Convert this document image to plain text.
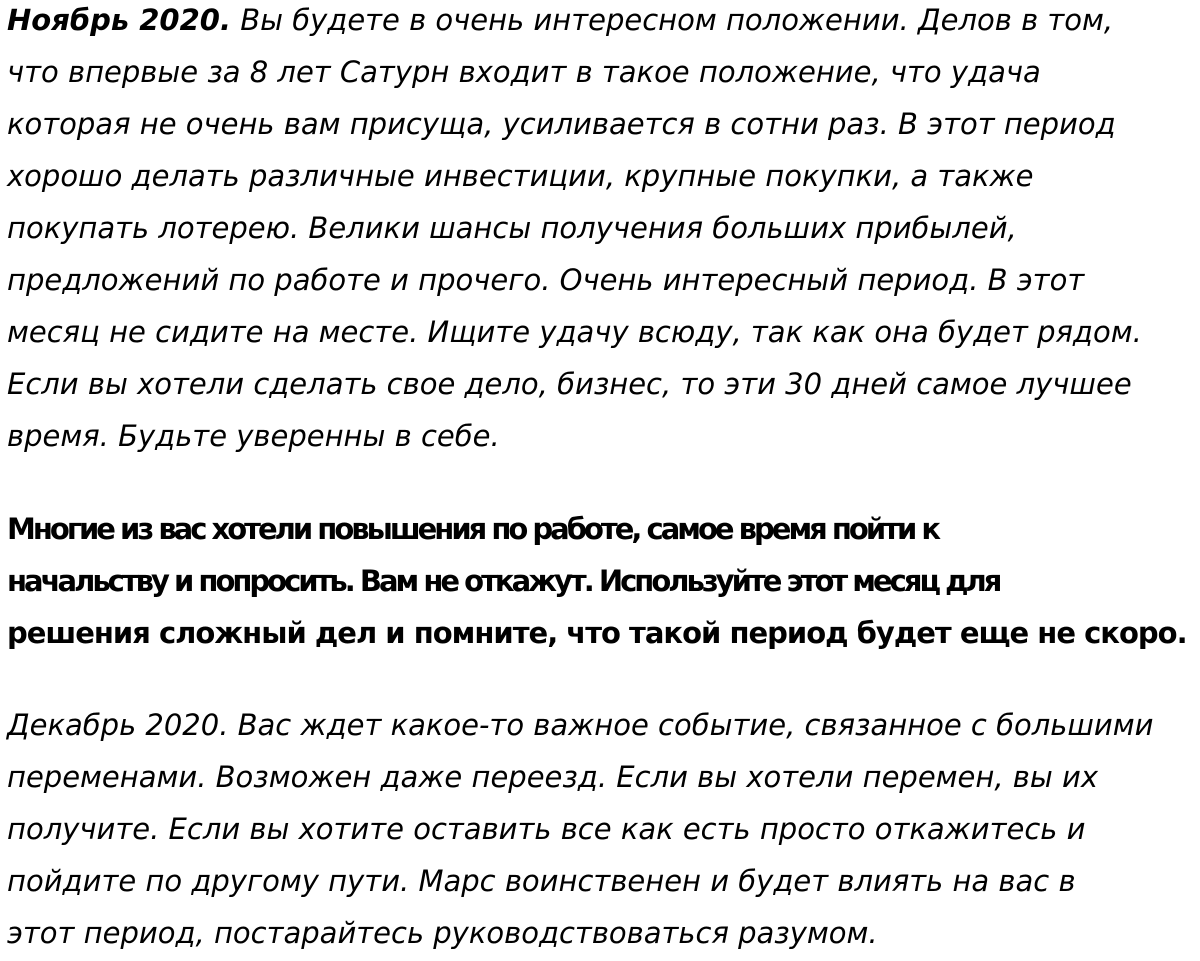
Ноябрь 2020. Вы будете в очень интересном положении. Делов в том,
что впервые за 8 лет Сатурн входит в такое положение, что удача
которая не очень вам присуща, усиливается в сотни раз. В этот период
хорошо делать различные инвестиции, крупные покупки, а также
покупать лотерею. Велики шансы получения больших прибылей,
предложений по работе и прочего. Очень интересный период. В этот
месяц не сидите на месте. Ищите удачу всюду, так как она будет рядом.
Если вы хотели сделать свое дело, бизнес, то эти 30 дней самое лучшее
время. Будьте уверенны в себе.

Многие из вас хотели повышения по работе, самое время пойти к
начальству и попросить. Вам не откажут. Используйте этот месяц для
решения сложный дел и помните, что такой период будет еще не скоро.

Декабрь 2020. Вас ждет какое-то важное событие, связанное с большими
переменами. Возможен даже переезд. Если вы хотели перемен, вы их
получите. Если вы хотите оставить все как есть просто откажитесь и
пойдите по другому пути. Марс воинственен и будет влиять на вас в
этот период, постарайтесь руководствоваться разумом.
